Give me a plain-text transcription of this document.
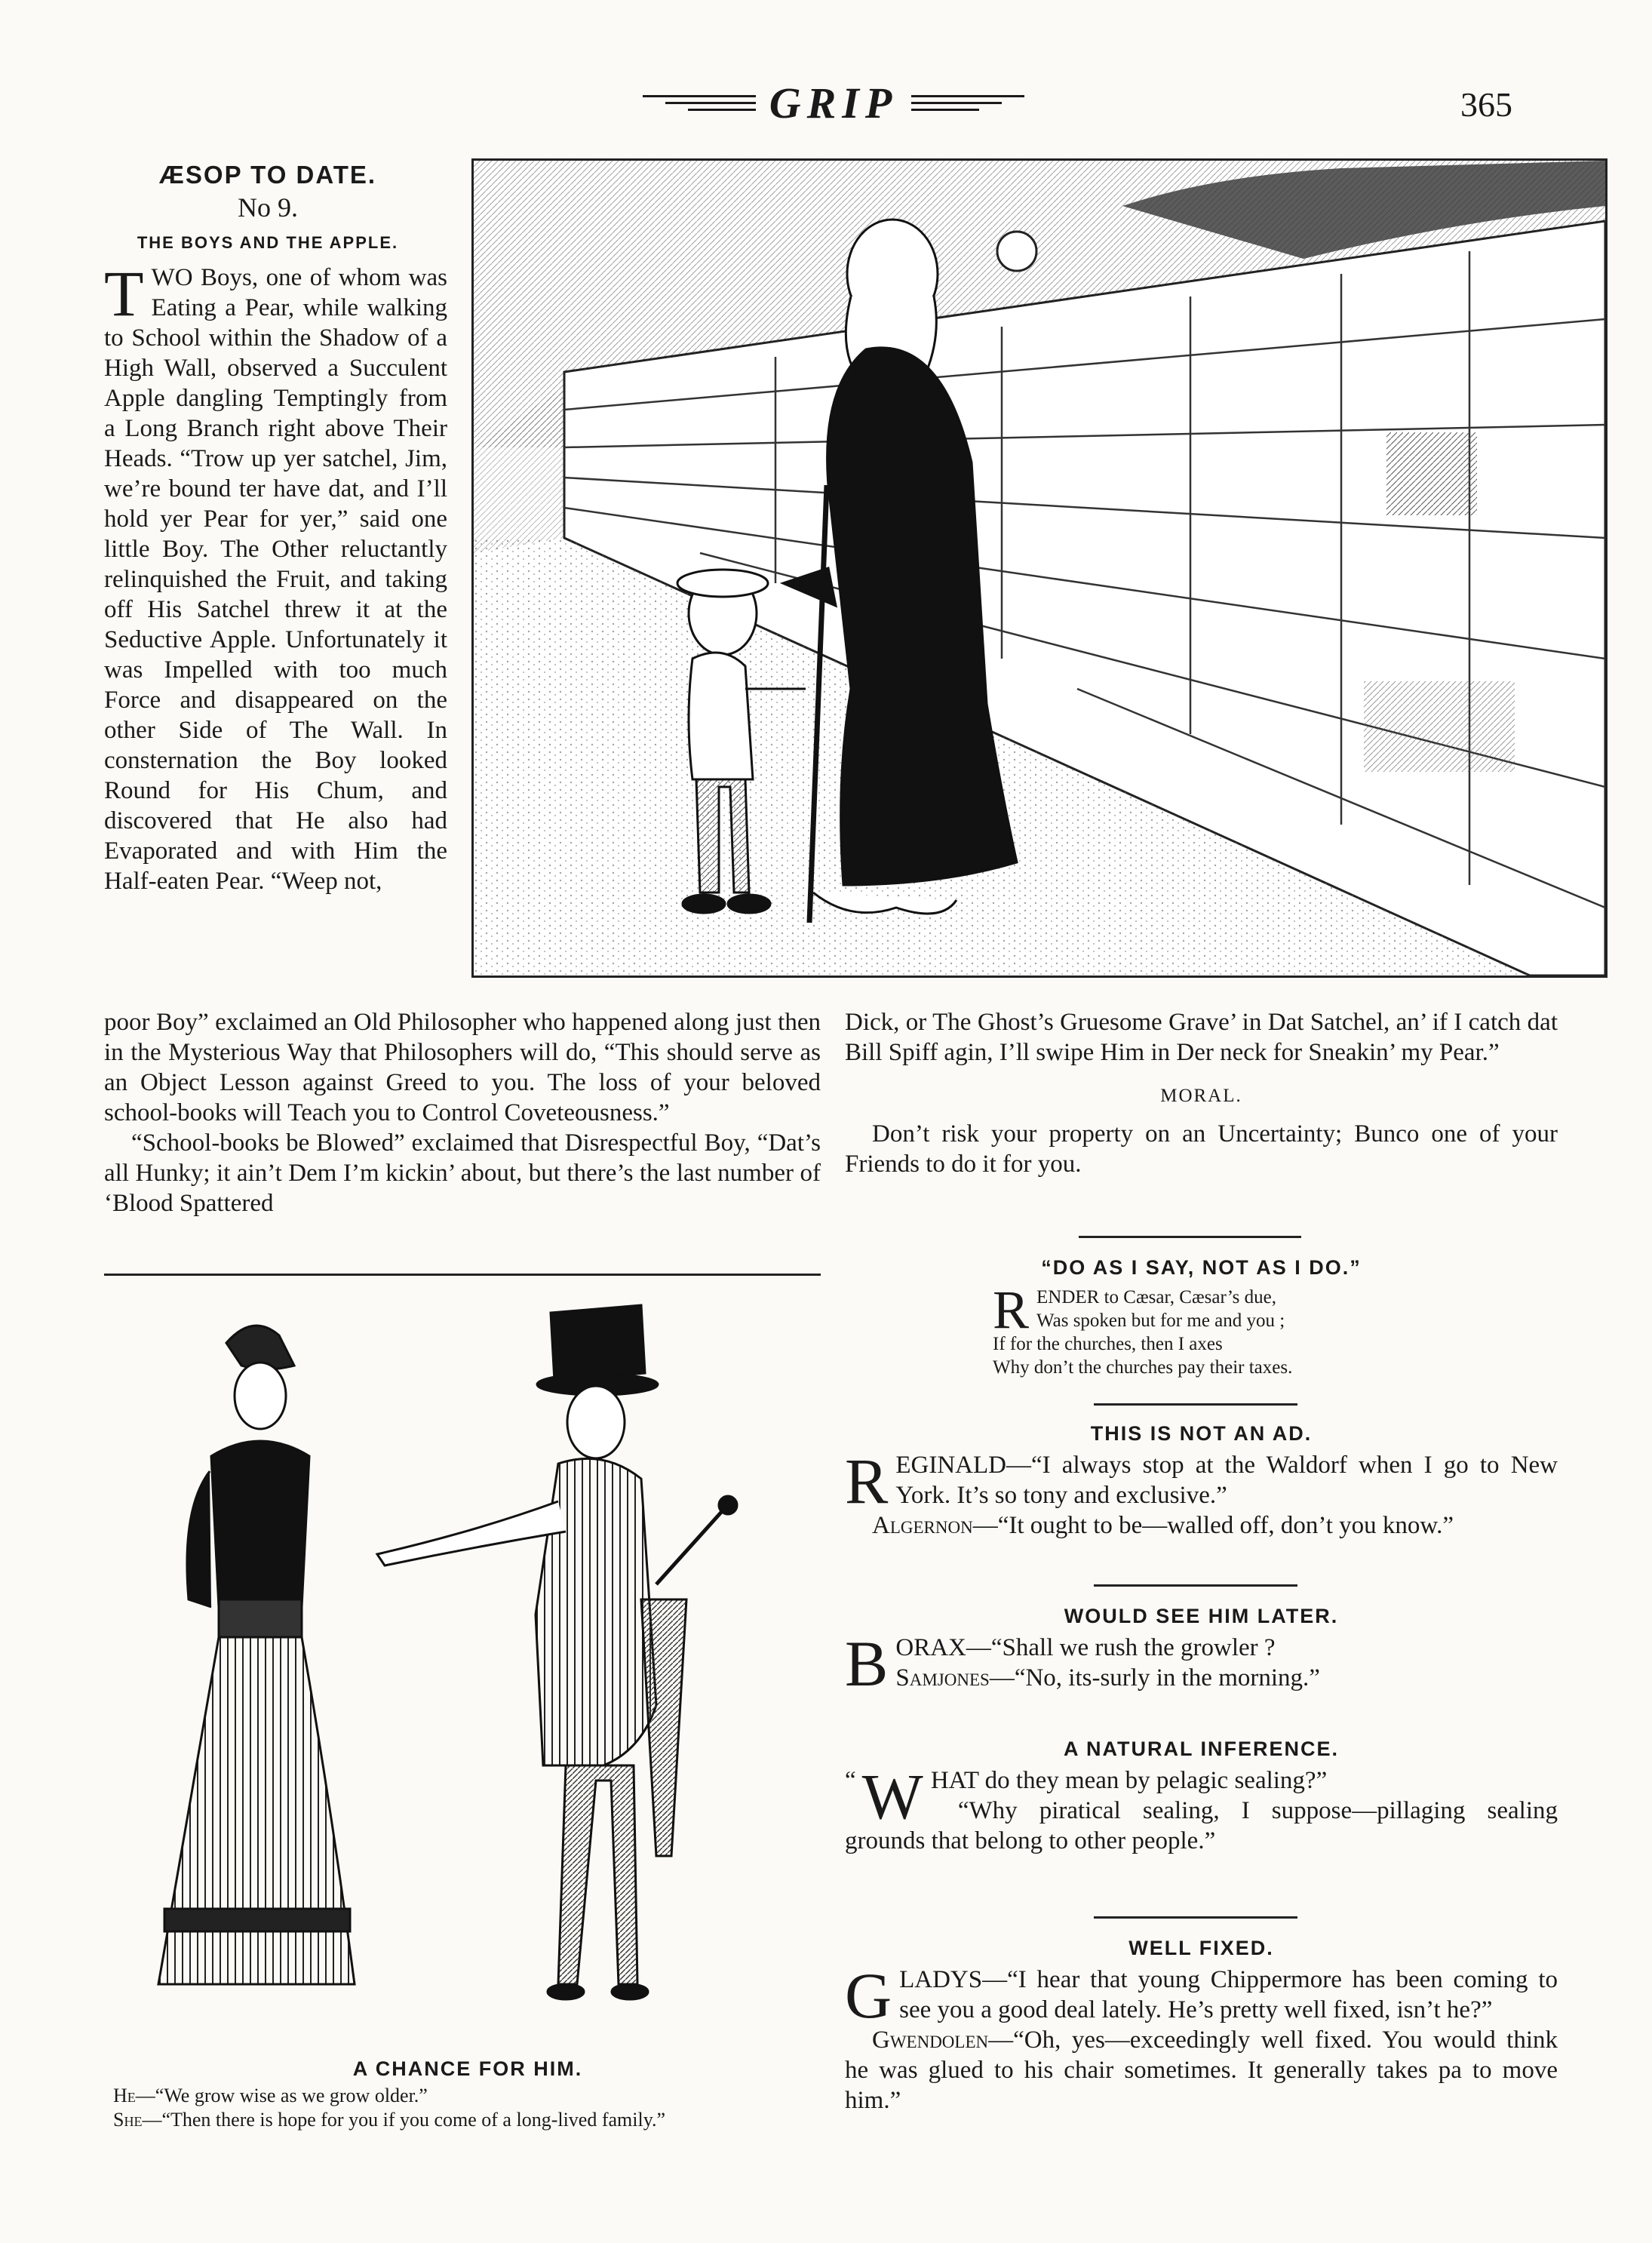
GRIP	365
ÆSOP TO DATE.
No 9.
THE BOYS AND THE APPLE.

TWO Boys, one of whom was Eating a Pear, while walking to School within the Shadow of a High Wall, observed a Succulent Apple dangling Temptingly from a Long Branch right above Their Heads. “Trow up yer satchel, Jim, we’re bound ter have dat, and I’ll hold yer Pear for yer,” said one little Boy. The Other reluctantly relinquished the Fruit, and taking off His Satchel threw it at the Seductive Apple. Unfortunately it was Impelled with too much Force and disappeared on the other Side of The Wall. In consternation the Boy looked Round for His Chum, and discovered that He also had Evaporated and with Him the Half-eaten Pear. “Weep not,

poor Boy” exclaimed an Old Philosopher who happened along just then in the Mysterious Way that Philosophers will do, “This should serve as an Object Lesson against Greed to you. The loss of your beloved school-books will Teach you to Control Coveteousness.”

“School-books be Blowed” exclaimed that Disrespectful Boy, “Dat’s all Hunky; it ain’t Dem I’m kickin’ about, but there’s the last number of ‘Blood Spattered

Dick, or The Ghost’s Gruesome Grave’ in Dat Satchel, an’ if I catch dat Bill Spiff agin, I’ll swipe Him in Der neck for Sneakin’ my Pear.”

MORAL.

Don’t risk your property on an Uncertainty; Bunco one of your Friends to do it for you.

“DO AS I SAY, NOT AS I DO.”
R ENDER to Cæsar, Cæsar’s due,
Was spoken but for me and you ;
If for the churches, then I axes
Why don’t the churches pay their taxes.
THIS IS NOT AN AD.

REGINALD—“I always stop at the Waldorf when I go to New York. It’s so tony and exclusive.”

Algernon—“It ought to be—walled off, don’t you know.”

WOULD SEE HIM LATER.

BORAX—“Shall we rush the growler ?

Samjones—“No, its-surly in the morning.”

A NATURAL INFERENCE.

“ W HAT do they mean by pelagic sealing?”

“Why piratical sealing, I suppose—pillaging sealing grounds that belong to other people.”

WELL FIXED.

GLADYS—“I hear that young Chippermore has been coming to see you a good deal lately. He’s pretty well fixed, isn’t he?”

Gwendolen—“Oh, yes—exceedingly well fixed. You would think he was glued to his chair sometimes. It generally takes pa to move him.”

A CHANCE FOR HIM.
He—“We grow wise as we grow older.”
She—“Then there is hope for you if you come of a long-lived family.”
